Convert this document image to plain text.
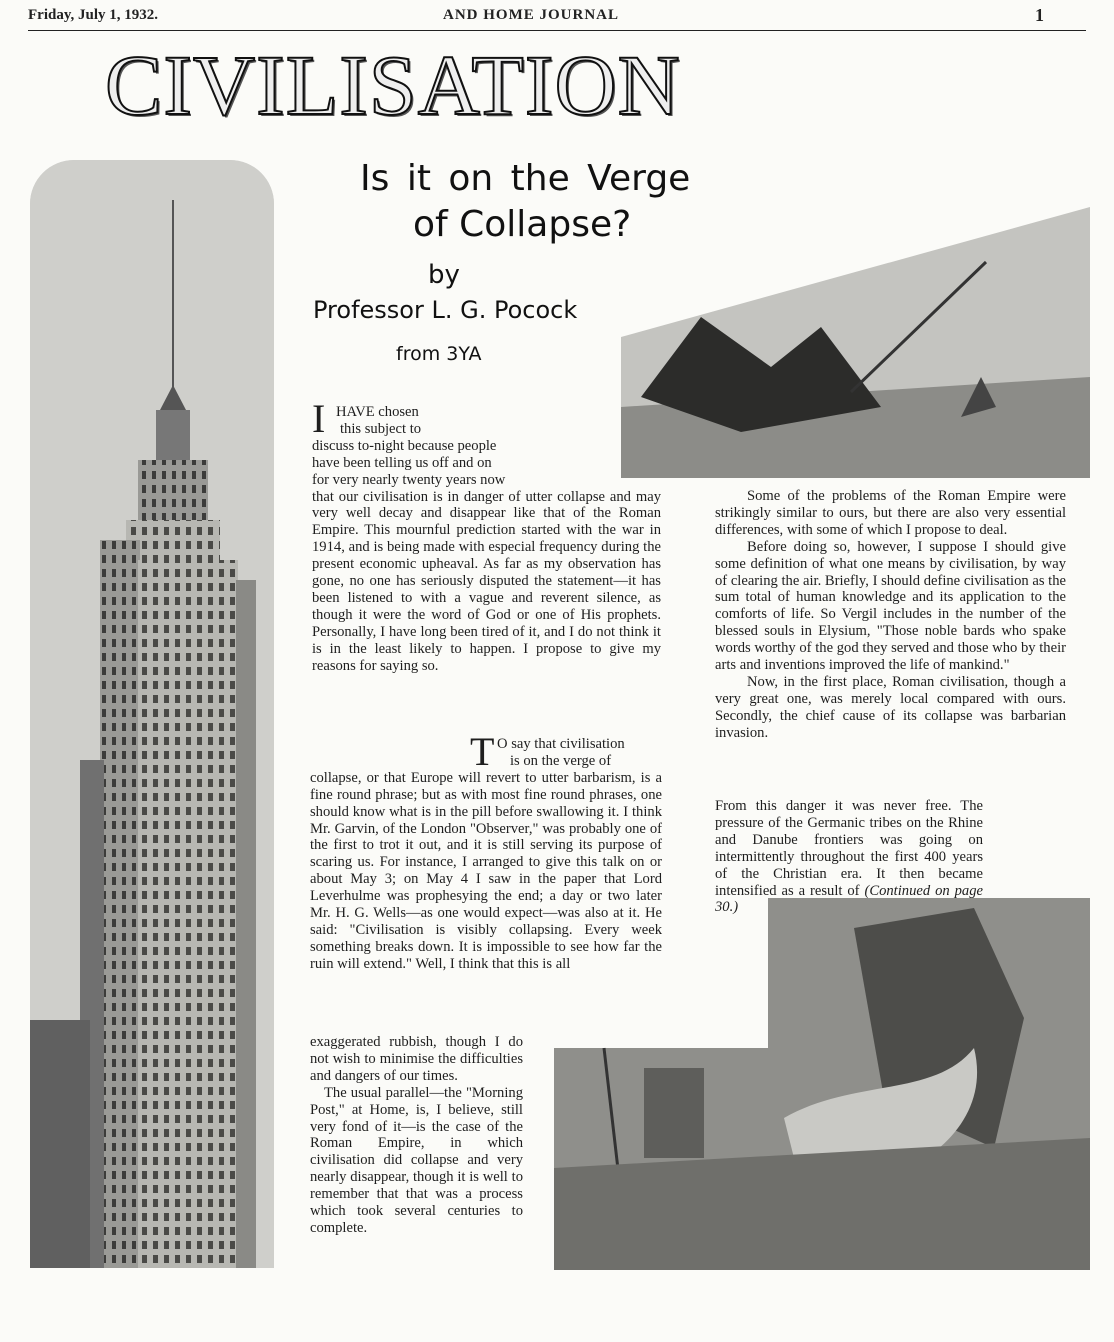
Friday, July 1, 1932.	AND HOME JOURNAL	1
CIVILISATION
Is it on the Verge
of Collapse?
by
Professor L. G. Pocock
from 3YA
I HAVE chosen
this subject to
discuss to-night because people
have been telling us off and on
for very nearly twenty years now

that our civilisation is in danger of utter collapse and may very well decay and disappear like that of the Roman Empire. This mournful prediction started with the war in 1914, and is being made with especial frequency during the present economic upheaval. As far as my observation has gone, no one has seriously disputed the statement—it has been listened to with a vague and reverent silence, as though it were the word of God or one of His prophets. Personally, I have long been tired of it, and I do not think it is in the least likely to happen. I propose to give my reasons for saying so.

T O say that civilisation
is on the verge of

collapse, or that Europe will revert to utter barbarism, is a fine round phrase; but as with most fine round phrases, one should know what is in the pill before swallowing it. I think Mr. Garvin, of the London "Observer," was probably one of the first to trot it out, and it is still serving its purpose of scaring us. For instance, I arranged to give this talk on or about May 3; on May 4 I saw in the paper that Lord Leverhulme was prophesying the end; a day or two later Mr. H. G. Wells—as one would expect—was also at it. He said: "Civilisation is visibly collapsing. Every week something breaks down. It is impossible to see how far the ruin will extend." Well, I think that this is all

exaggerated rubbish, though I do not wish to minimise the difficulties and dangers of our times.

The usual parallel—the "Morning Post," at Home, is, I believe, still very fond of it—is the case of the Roman Empire, in which civilisation did collapse and very nearly disappear, though it is well to remember that that was a process which took several centuries to complete.

Some of the problems of the Roman Empire were strikingly similar to ours, but there are also very essential differences, with some of which I propose to deal.

Before doing so, however, I suppose I should give some definition of what one means by civilisation, by way of clearing the air. Briefly, I should define civilisation as the sum total of human knowledge and its application to the comforts of life. So Vergil includes in the number of the blessed souls in Elysium, "Those noble bards who spake words worthy of the god they served and those who by their arts and inventions improved the life of mankind."

Now, in the first place, Roman civilisation, though a very great one, was merely local compared with ours. Secondly, the chief cause of its collapse was barbarian invasion.

From this danger it was never free. The pressure of the Germanic tribes on the Rhine and Danube frontiers was going on intermittently throughout the first 400 years of the Christian era. It then became intensified as a result of (Continued on page 30.)
